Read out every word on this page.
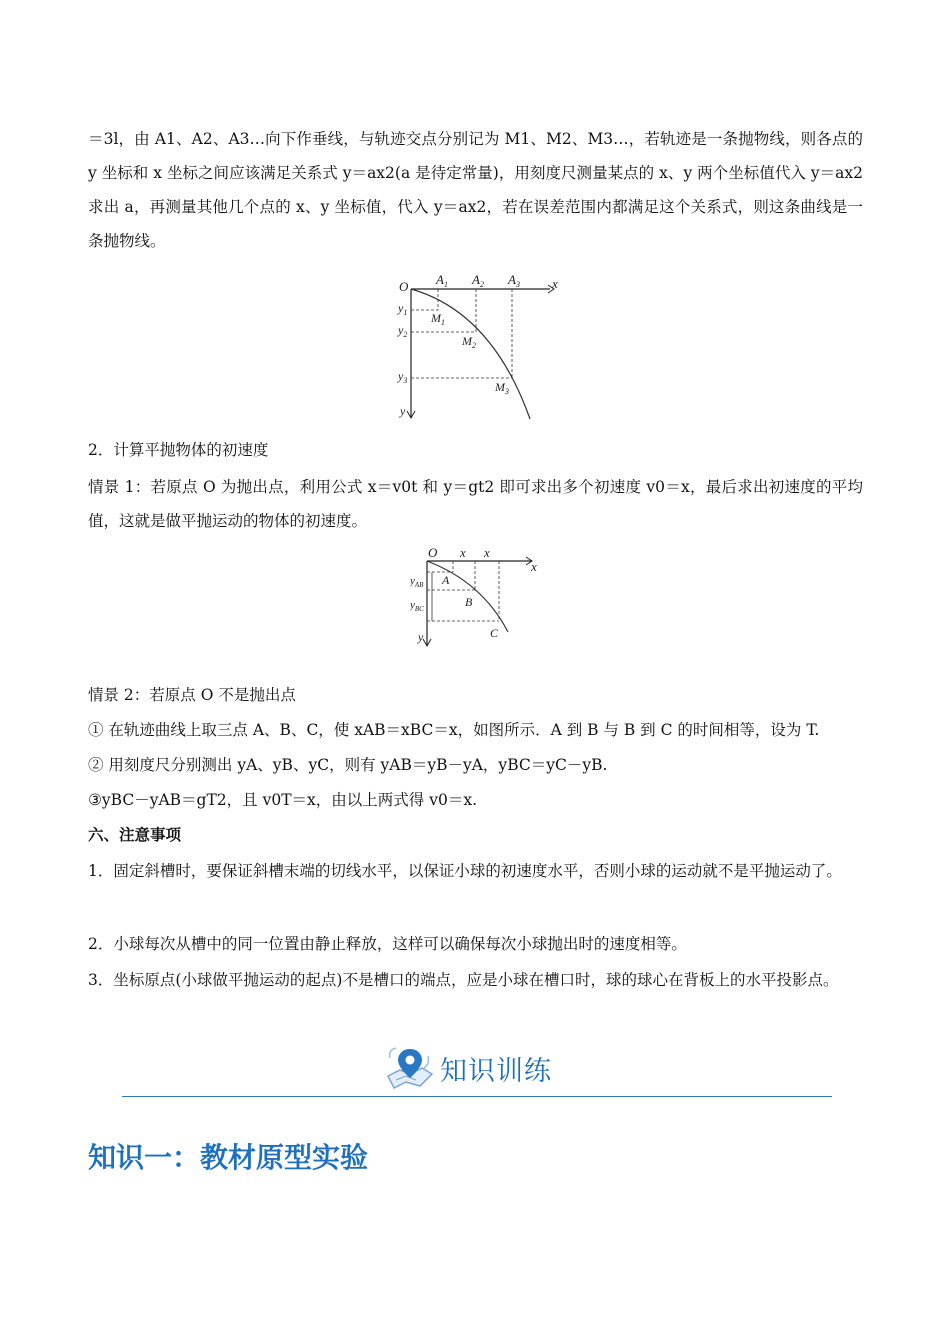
＝3l，由 A1、A2、A3…向下作垂线，与轨迹交点分别记为 M1、M2、M3…，若轨迹是一条抛物线，则各点的 y 坐标和 x 坐标之间应该满足关系式 y＝ax2(a 是待定常量)，用刻度尺测量某点的 x、y 两个坐标值代入 y＝ax2 求出 a，再测量其他几个点的 x、y 坐标值，代入 y＝ax2，若在误差范围内都满足这个关系式，则这条曲线是一条抛物线。
O	x
y
$A_1$ $A_2$ $A_3$
$y_1$
$y_2$
$y_3$
$M_1$
$M_2$
$M_3$
2．计算平抛物体的初速度
情景 1：若原点 O 为抛出点，利用公式 x＝v0t 和 y＝gt2 即可求出多个初速度 v0＝x，最后求出初速度的平均值，这就是做平抛运动的物体的初速度。
O x x
x
y
$y_{AB}$
$y_{BC}$
A
B
C
情景 2：若原点 O 不是抛出点
① 在轨迹曲线上取三点 A、B、C，使 xAB＝xBC＝x，如图所示．A 到 B 与 B 到 C 的时间相等，设为 T.
② 用刻度尺分别测出 yA、yB、yC，则有 yAB＝yB－yA，yBC＝yC－yB.
③yBC－yAB＝gT2，且 v0T＝x，由以上两式得 v0＝x.
六、注意事项
1．固定斜槽时，要保证斜槽末端的切线水平，以保证小球的初速度水平，否则小球的运动就不是平抛运动了。
2．小球每次从槽中的同一位置由静止释放，这样可以确保每次小球抛出时的速度相等。
3．坐标原点(小球做平抛运动的起点)不是槽口的端点，应是小球在槽口时，球的球心在背板上的水平投影点。
知识训练
知识一：教材原型实验
